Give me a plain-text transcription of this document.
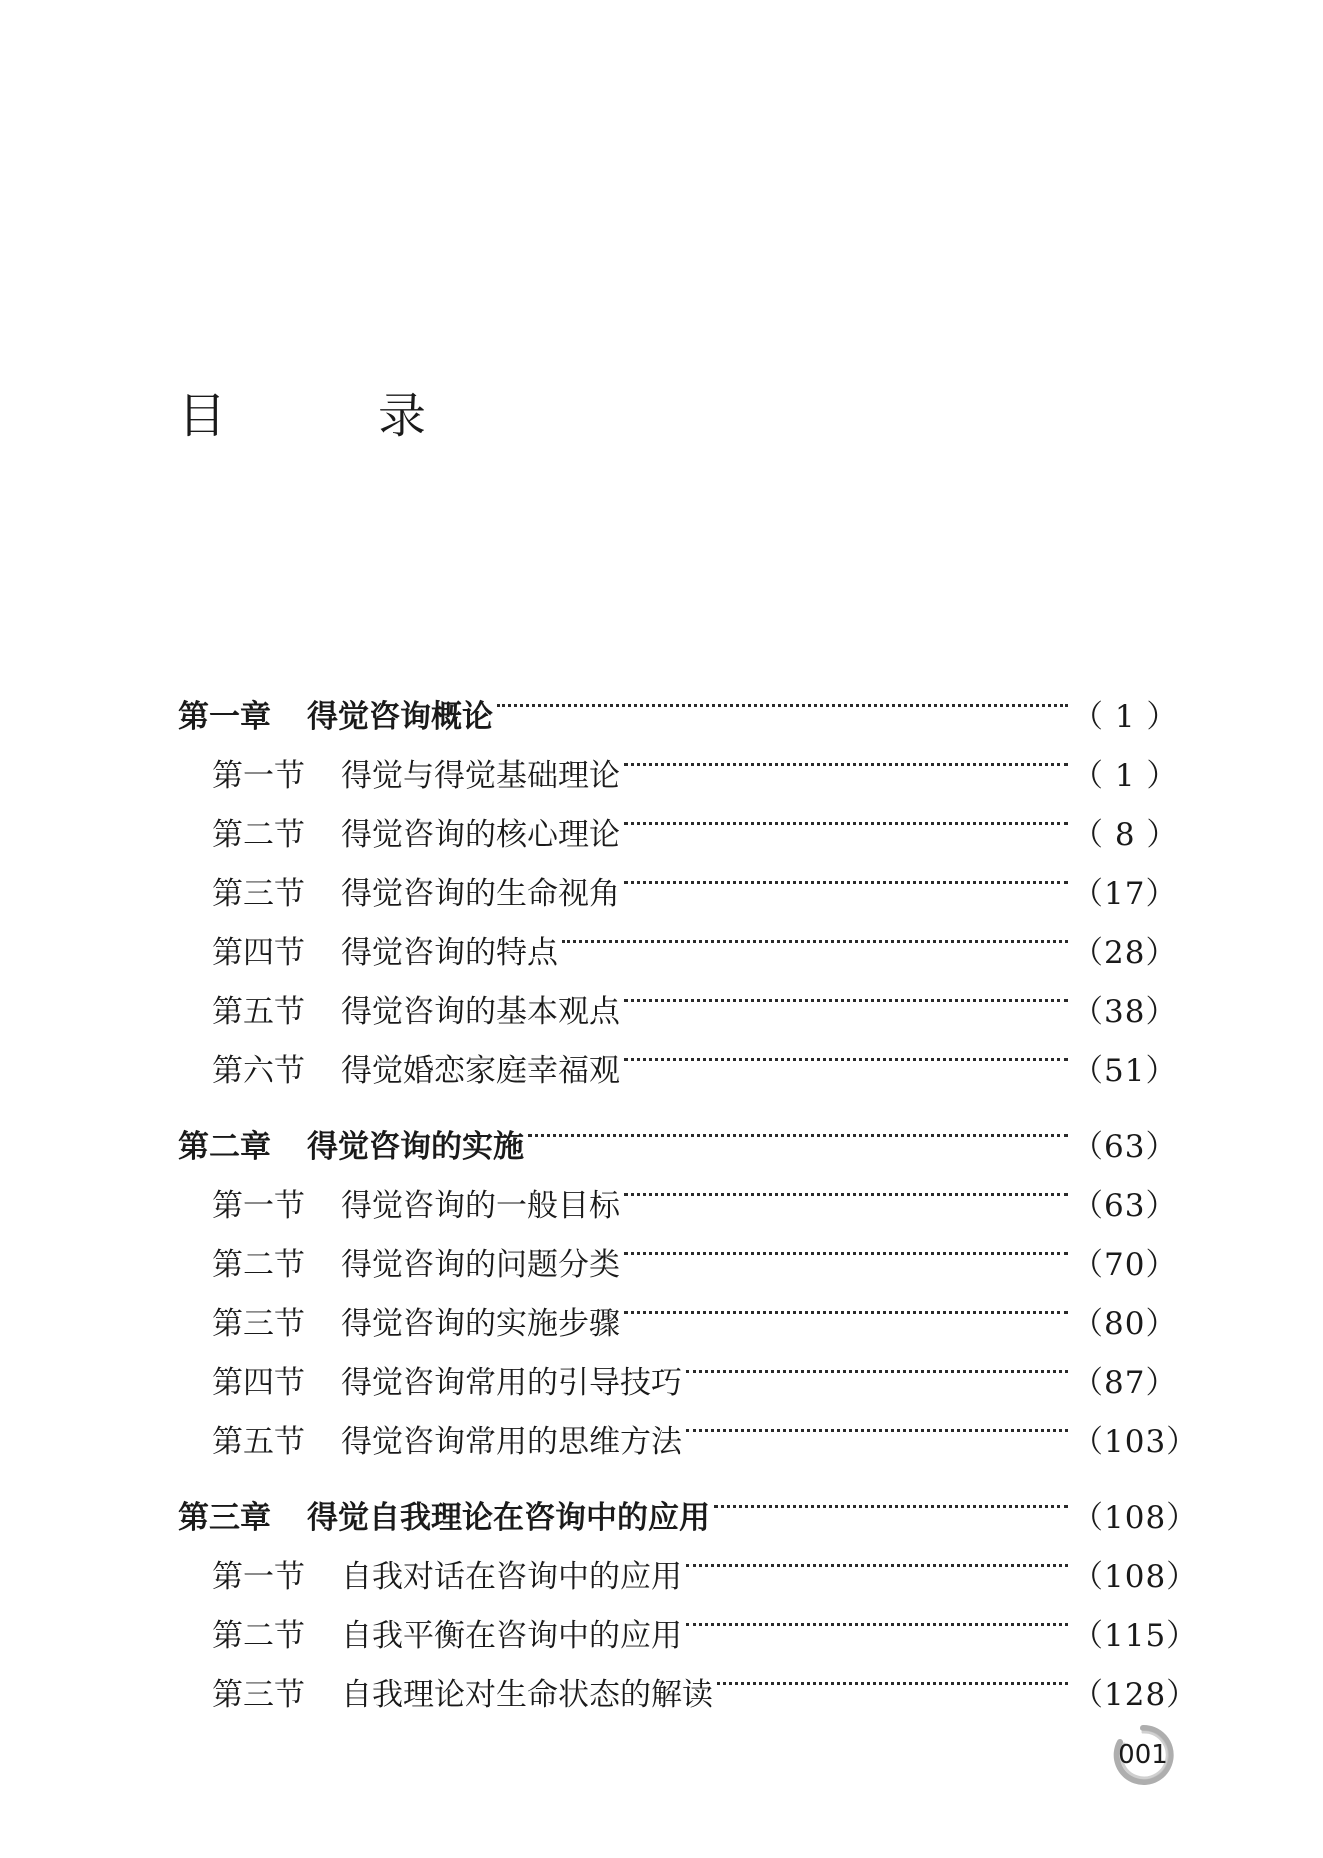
目　录
第一章 得觉咨询概论	（ 1 ）
第一节 得觉与得觉基础理论	（ 1 ）
第二节 得觉咨询的核心理论	（ 8 ）
第三节 得觉咨询的生命视角	（17）
第四节 得觉咨询的特点	（28）
第五节 得觉咨询的基本观点	（38）
第六节 得觉婚恋家庭幸福观	（51）
第二章 得觉咨询的实施	（63）
第一节 得觉咨询的一般目标	（63）
第二节 得觉咨询的问题分类	（70）
第三节 得觉咨询的实施步骤	（80）
第四节 得觉咨询常用的引导技巧	（87）
第五节 得觉咨询常用的思维方法	（103）
第三章 得觉自我理论在咨询中的应用	（108）
第一节 自我对话在咨询中的应用	（108）
第二节 自我平衡在咨询中的应用	（115）
第三节 自我理论对生命状态的解读	（128）
001
